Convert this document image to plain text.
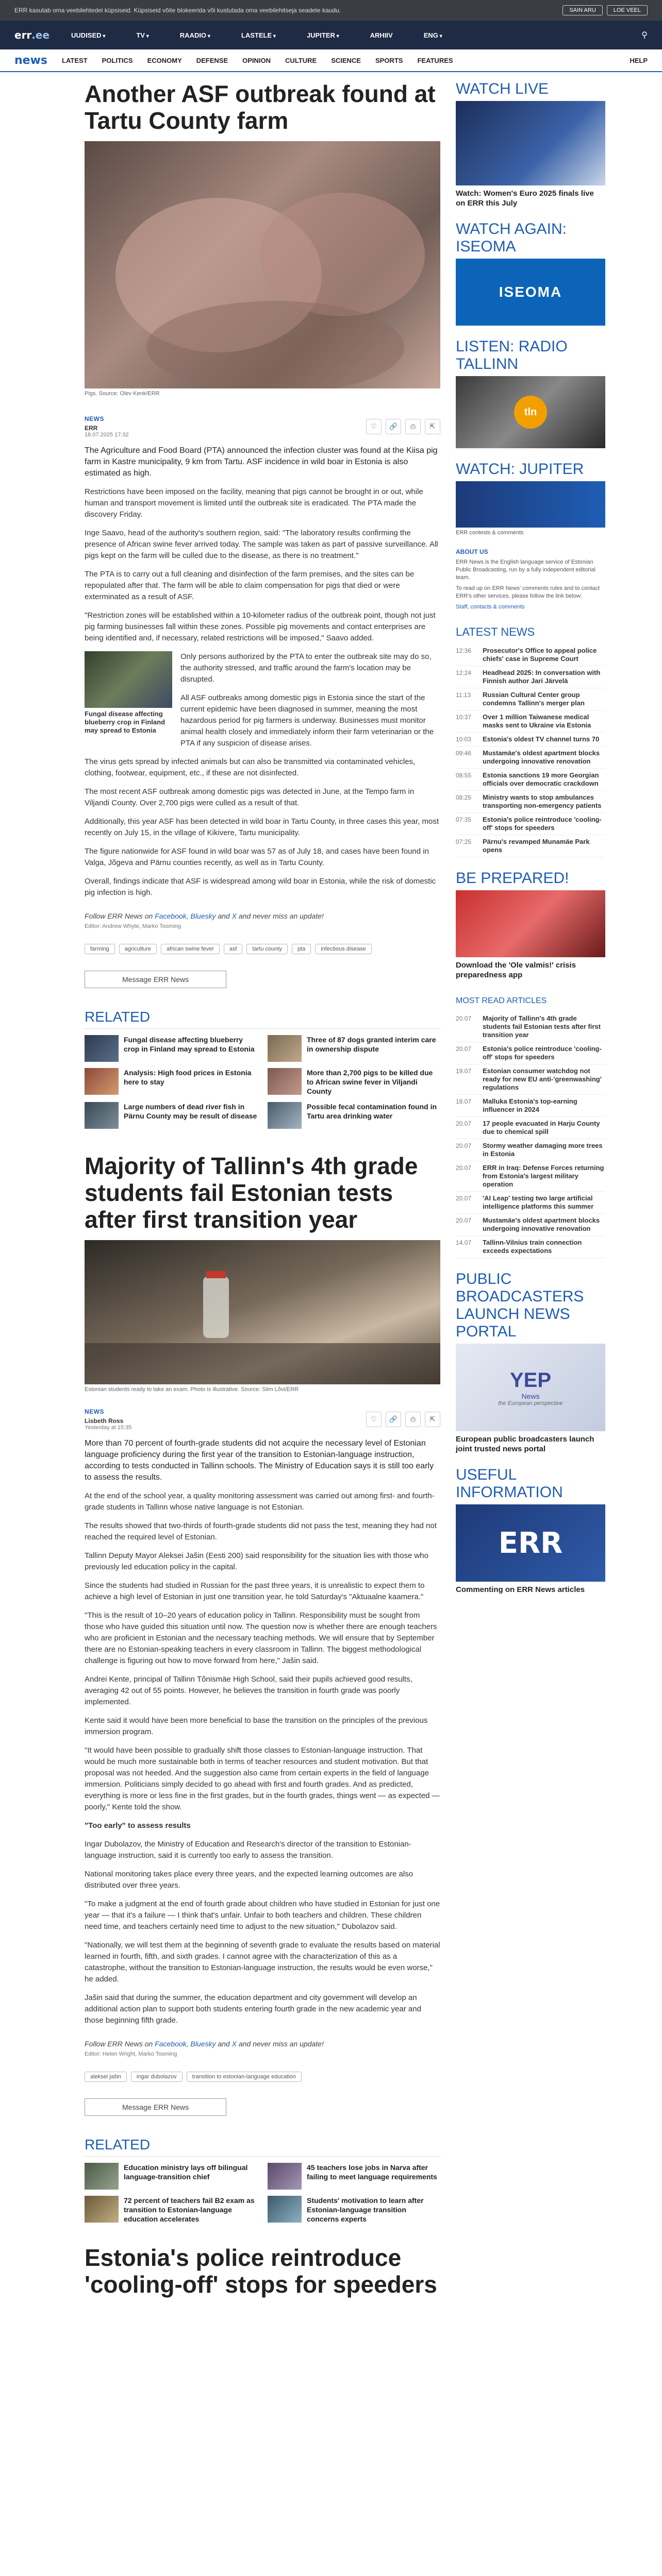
ERR kasutab oma veebilehtedel küpsiseid. Küpsiseid võite blokeerida või kustutada oma veebilehitseja seadete kaudu.	SAIN ARU	LOE VEEL
err.ee	UUDISED ▾	TV ▾	RAADIO ▾	LASTELE ▾	JUPITER ▾	ARHIIV	ENG ▾	⚲
news LATEST POLITICS ECONOMY DEFENSE OPINION CULTURE SCIENCE SPORTS FEATURES	HELP
Another ASF outbreak found at Tartu County farm
Pigs. Source: Olev Kenk/ERR
NEWS
ERR
18.07.2025 17:32
♡	🔗	⎙	⇱

The Agriculture and Food Board (PTA) announced the infection cluster was found at the Kiisa pig farm in Kastre municipality, 9 km from Tartu. ASF incidence in wild boar in Estonia is also estimated as high.

Restrictions have been imposed on the facility, meaning that pigs cannot be brought in or out, while human and transport movement is limited until the outbreak site is eradicated. The PTA made the discovery Friday.

Inge Saavo, head of the authority's southern region, said: "The laboratory results confirming the presence of African swine fever arrived today. The sample was taken as part of passive surveillance. All pigs kept on the farm will be culled due to the disease, as there is no treatment."

The PTA is to carry out a full cleaning and disinfection of the farm premises, and the sites can be repopulated after that. The farm will be able to claim compensation for pigs that died or were exterminated as a result of ASF.

"Restriction zones will be established within a 10-kilometer radius of the outbreak point, though not just pig farming businesses fall within these zones. Possible pig movements and contact enterprises are being identified and, if necessary, related restrictions will be imposed," Saavo added.

Fungal disease affecting blueberry crop in Finland may spread to Estonia

Only persons authorized by the PTA to enter the outbreak site may do so, the authority stressed, and traffic around the farm's location may be disrupted.

All ASF outbreaks among domestic pigs in Estonia since the start of the current epidemic have been diagnosed in summer, meaning the most hazardous period for pig farmers is underway. Businesses must monitor animal health closely and immediately inform their farm veterinarian or the PTA if any suspicion of disease arises.

The virus gets spread by infected animals but can also be transmitted via contaminated vehicles, clothing, footwear, equipment, etc., if these are not disinfected.

The most recent ASF outbreak among domestic pigs was detected in June, at the Tempo farm in Viljandi County. Over 2,700 pigs were culled as a result of that.

Additionally, this year ASF has been detected in wild boar in Tartu County, in three cases this year, most recently on July 15, in the village of Kikivere, Tartu municipality.

The figure nationwide for ASF found in wild boar was 57 as of July 18, and cases have been found in Valga, Jõgeva and Pärnu counties recently, as well as in Tartu County.

Overall, findings indicate that ASF is widespread among wild boar in Estonia, while the risk of domestic pig infection is high.

Follow ERR News on Facebook, Bluesky and X and never miss an update!
Editor: Andrew Whyte, Marko Tooming
farming	agriculture	african swine fever	asf	tartu county	pta	infectious disease
Message ERR News
RELATED
Fungal disease affecting blueberry crop in Finland may spread to Estonia
Three of 87 dogs granted interim care in ownership dispute
Analysis: High food prices in Estonia here to stay
More than 2,700 pigs to be killed due to African swine fever in Viljandi County
Large numbers of dead river fish in Pärnu County may be result of disease
Possible fecal contamination found in Tartu area drinking water
Majority of Tallinn's 4th grade students fail Estonian tests after first transition year
Estonian students ready to take an exam. Photo is illustrative. Source: Siim Lõvi/ERR
NEWS
Lisbeth Ross
Yesterday at 15:35
♡	🔗	⎙	⇱

More than 70 percent of fourth-grade students did not acquire the necessary level of Estonian language proficiency during the first year of the transition to Estonian-language instruction, according to tests conducted in Tallinn schools. The Ministry of Education says it is still too early to assess the results.

At the end of the school year, a quality monitoring assessment was carried out among first- and fourth-grade students in Tallinn whose native language is not Estonian.

The results showed that two-thirds of fourth-grade students did not pass the test, meaning they had not reached the required level of Estonian.

Tallinn Deputy Mayor Aleksei Jašin (Eesti 200) said responsibility for the situation lies with those who previously led education policy in the capital.

Since the students had studied in Russian for the past three years, it is unrealistic to expect them to achieve a high level of Estonian in just one transition year, he told Saturday's "Aktuaalne kaamera."

"This is the result of 10–20 years of education policy in Tallinn. Responsibility must be sought from those who have guided this situation until now. The question now is whether there are enough teachers who are proficient in Estonian and the necessary teaching methods. We will ensure that by September there are no Estonian-speaking teachers in every classroom in Tallinn. The biggest methodological challenge is figuring out how to move forward from here," Jašin said.

Andrei Kente, principal of Tallinn Tõnismäe High School, said their pupils achieved good results, averaging 42 out of 55 points. However, he believes the transition in fourth grade was poorly implemented.

Kente said it would have been more beneficial to base the transition on the principles of the previous immersion program.

"It would have been possible to gradually shift those classes to Estonian-language instruction. That would be much more sustainable both in terms of teacher resources and student motivation. But that proposal was not heeded. And the suggestion also came from certain experts in the field of language immersion. Politicians simply decided to go ahead with first and fourth grades. And as predicted, everything is more or less fine in the first grades, but in the fourth grades, things went — as expected — poorly," Kente told the show.

"Too early" to assess results

Ingar Dubolazov, the Ministry of Education and Research's director of the transition to Estonian-language instruction, said it is currently too early to assess the transition.

National monitoring takes place every three years, and the expected learning outcomes are also distributed over three years.

"To make a judgment at the end of fourth grade about children who have studied in Estonian for just one year — that it's a failure — I think that's unfair. Unfair to both teachers and children. These children need time, and teachers certainly need time to adjust to the new situation," Dubolazov said.

"Nationally, we will test them at the beginning of seventh grade to evaluate the results based on material learned in fourth, fifth, and sixth grades. I cannot agree with the characterization of this as a catastrophe, without the transition to Estonian-language instruction, the results would be even worse," he added.

Jašin said that during the summer, the education department and city government will develop an additional action plan to support both students entering fourth grade in the new academic year and those beginning fifth grade.

Follow ERR News on Facebook, Bluesky and X and never miss an update!
Editor: Helen Wright, Marko Tooming
aleksei jašin	ingar dubolazov	transition to estonian-language education
Message ERR News
RELATED
Education ministry lays off bilingual language-transition chief
45 teachers lose jobs in Narva after failing to meet language requirements
72 percent of teachers fail B2 exam as transition to Estonian-language education accelerates
Students' motivation to learn after Estonian-language transition concerns experts
Estonia's police reintroduce 'cooling-off' stops for speeders
WATCH LIVE
Watch: Women's Euro 2025 finals live on ERR this July
WATCH AGAIN: ISEOMA
ISEOMA
LISTEN: RADIO TALLINN
tln
WATCH: JUPITER
ERR contests & comments
ABOUT US

ERR News is the English language service of Estonian Public Broadcasting, run by a fully independent editorial team.

To read up on ERR News' comments rules and to contact ERR's other services, please follow the link below:

Staff, contacts & comments

LATEST NEWS
12:36	Prosecutor's Office to appeal police chiefs' case in Supreme Court
12:24	Headhead 2025: In conversation with Finnish author Jari Järvelä
11:13	Russian Cultural Center group condemns Tallinn's merger plan
10:37	Over 1 million Taiwanese medical masks sent to Ukraine via Estonia
10:03	Estonia's oldest TV channel turns 70
09:46	Mustamäe's oldest apartment blocks undergoing innovative renovation
08:55	Estonia sanctions 19 more Georgian officials over democratic crackdown
08:25	Ministry wants to stop ambulances transporting non-emergency patients
07:35	Estonia's police reintroduce 'cooling-off' stops for speeders
07:25	Pärnu's revamped Munamäe Park opens
BE PREPARED!
Download the 'Ole valmis!' crisis preparedness app
MOST READ ARTICLES
20.07	Majority of Tallinn's 4th grade students fail Estonian tests after first transition year
20.07	Estonia's police reintroduce 'cooling-off' stops for speeders
19.07	Estonian consumer watchdog not ready for new EU anti-'greenwashing' regulations
18.07	Malluka Estonia's top-earning influencer in 2024
20.07	17 people evacuated in Harju County due to chemical spill
20.07	Stormy weather damaging more trees in Estonia
20.07	ERR in Iraq: Defense Forces returning from Estonia's largest military operation
20.07	'AI Leap' testing two large artificial intelligence platforms this summer
20.07	Mustamäe's oldest apartment blocks undergoing innovative renovation
14.07	Tallinn-Vilnius train connection exceeds expectations
PUBLIC BROADCASTERS LAUNCH NEWS PORTAL
YEP
News
the European perspective
European public broadcasters launch joint trusted news portal
USEFUL INFORMATION
ERR
Commenting on ERR News articles
